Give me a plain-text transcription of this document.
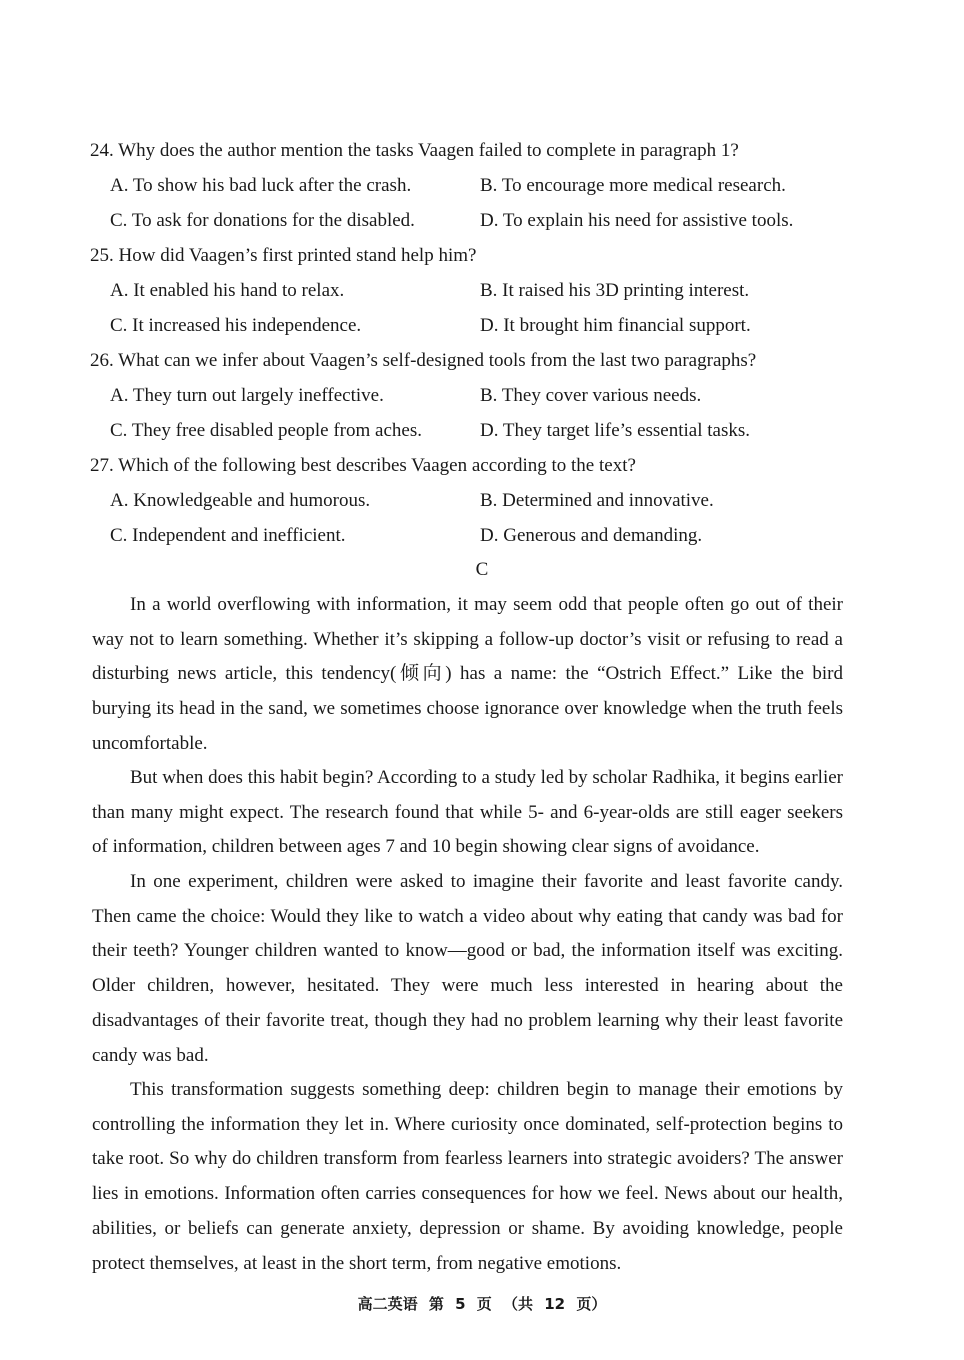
24. Why does the author mention the tasks Vaagen failed to complete in paragraph 1?
A. To show his bad luck after the crash.	B. To encourage more medical research.
C. To ask for donations for the disabled.	D. To explain his need for assistive tools.
25. How did Vaagen’s first printed stand help him?
A. It enabled his hand to relax.	B. It raised his 3D printing interest.
C. It increased his independence.	D. It brought him financial support.
26. What can we infer about Vaagen’s self-designed tools from the last two paragraphs?
A. They turn out largely ineffective.	B. They cover various needs.
C. They free disabled people from aches.	D. They target life’s essential tasks.
27. Which of the following best describes Vaagen according to the text?
A. Knowledgeable and humorous.	B. Determined and innovative.
C. Independent and inefficient.	D. Generous and demanding.
C

In a world overflowing with information, it may seem odd that people often go out of their way not to learn something. Whether it’s skipping a follow-up doctor’s visit or refusing to read a disturbing news article, this tendency(倾向) has a name: the “Ostrich Effect.” Like the bird burying its head in the sand, we sometimes choose ignorance over knowledge when the truth feels uncomfortable.

But when does this habit begin? According to a study led by scholar Radhika, it begins earlier than many might expect. The research found that while 5- and 6-year-olds are still eager seekers of information, children between ages 7 and 10 begin showing clear signs of avoidance.

In one experiment, children were asked to imagine their favorite and least favorite candy. Then came the choice: Would they like to watch a video about why eating that candy was bad for their teeth? Younger children wanted to know—good or bad, the information itself was exciting. Older children, however, hesitated. They were much less interested in hearing about the disadvantages of their favorite treat, though they had no problem learning why their least favorite candy was bad.

This transformation suggests something deep: children begin to manage their emotions by controlling the information they let in. Where curiosity once dominated, self-protection begins to take root. So why do children transform from fearless learners into strategic avoiders? The answer lies in emotions. Information often carries consequences for how we feel. News about our health, abilities, or beliefs can generate anxiety, depression or shame. By avoiding knowledge, people protect themselves, at least in the short term, from negative emotions.

高二英语 第 5 页 （共 12 页）
